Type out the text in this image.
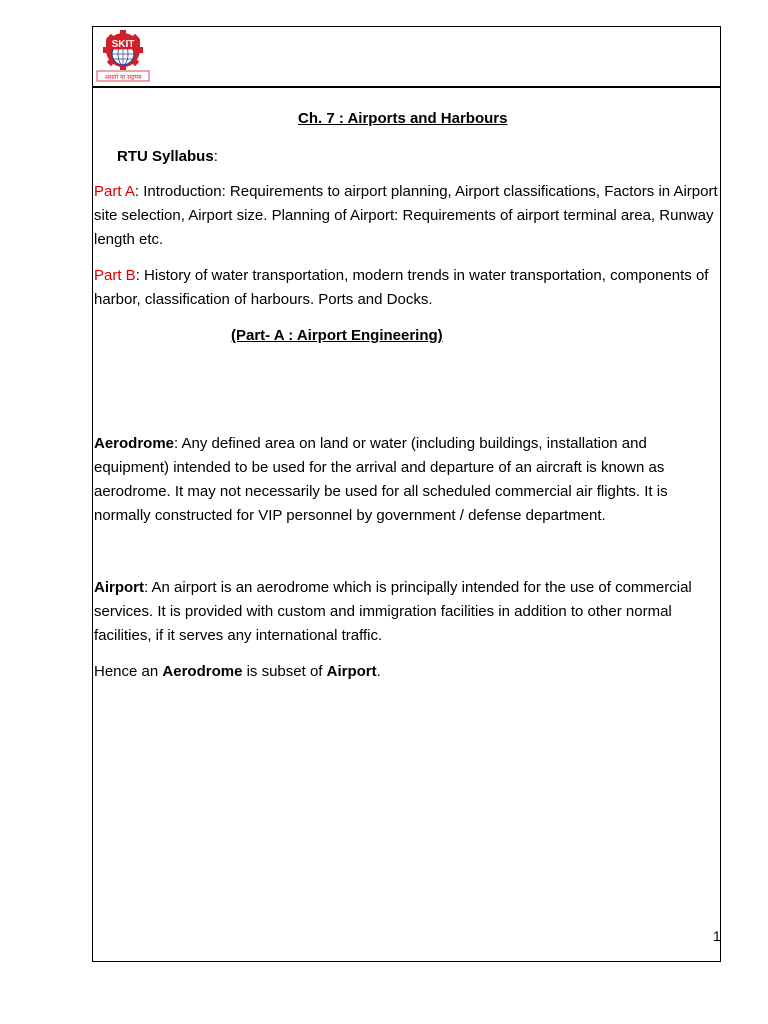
SKIT
असतो मा सद्गमय
Ch. 7 : Airports and Harbours
RTU Syllabus:
Part A: Introduction: Requirements to airport planning, Airport classifications, Factors in Airport site selection, Airport size. Planning of Airport: Requirements of airport terminal area, Runway length etc.
Part B: History of water transportation, modern trends in water transportation, components of harbor, classification of harbours. Ports and Docks.
(Part- A : Airport Engineering)
Aerodrome: Any defined area on land or water (including buildings, installation and equipment) intended to be used for the arrival and departure of an aircraft is known as aerodrome. It may not necessarily be used for all scheduled commercial air flights. It is normally constructed for VIP personnel by government / defense department.
Airport: An airport is an aerodrome which is principally intended for the use of commercial services. It is provided with custom and immigration facilities in addition to other normal facilities, if it serves any international traffic.
Hence an Aerodrome is subset of Airport.
1
